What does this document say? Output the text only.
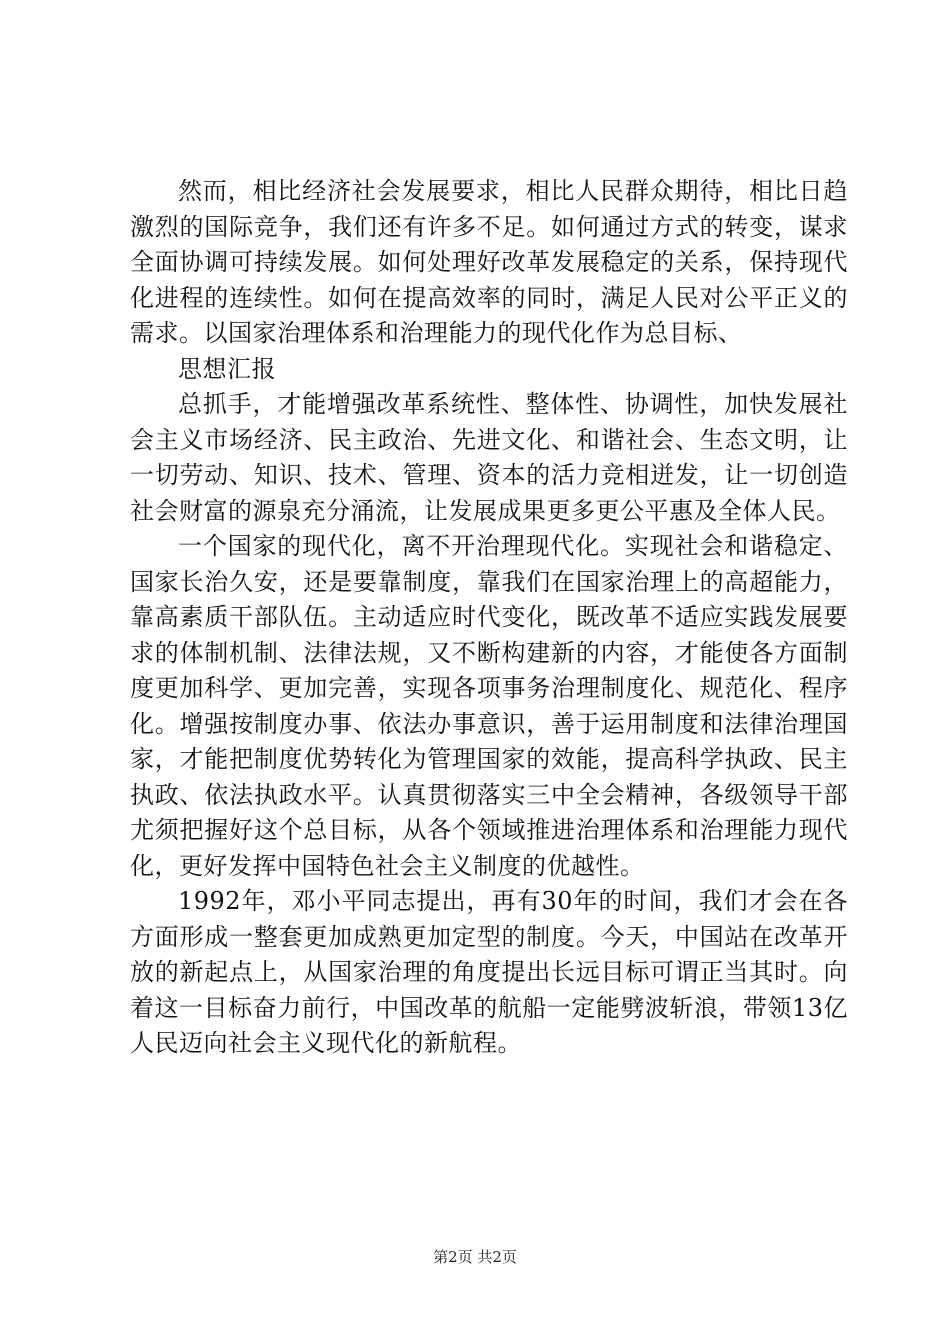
然而，相比经济社会发展要求，相比人民群众期待，相比日趋激烈的国际竞争，我们还有许多不足。如何通过方式的转变，谋求全面协调可持续发展。如何处理好改革发展稳定的关系，保持现代化进程的连续性。如何在提高效率的同时，满足人民对公平正义的需求。以国家治理体系和治理能力的现代化作为总目标、

思想汇报

总抓手，才能增强改革系统性、整体性、协调性，加快发展社会主义市场经济、民主政治、先进文化、和谐社会、生态文明，让一切劳动、知识、技术、管理、资本的活力竞相迸发，让一切创造社会财富的源泉充分涌流，让发展成果更多更公平惠及全体人民。

一个国家的现代化，离不开治理现代化。实现社会和谐稳定、国家长治久安，还是要靠制度，靠我们在国家治理上的高超能力，靠高素质干部队伍。主动适应时代变化，既改革不适应实践发展要求的体制机制、法律法规，又不断构建新的内容，才能使各方面制度更加科学、更加完善，实现各项事务治理制度化、规范化、程序化。增强按制度办事、依法办事意识，善于运用制度和法律治理国家，才能把制度优势转化为管理国家的效能，提高科学执政、民主执政、依法执政水平。认真贯彻落实三中全会精神，各级领导干部尤须把握好这个总目标，从各个领域推进治理体系和治理能力现代化，更好发挥中国特色社会主义制度的优越性。

1992年，邓小平同志提出，再有30年的时间，我们才会在各方面形成一整套更加成熟更加定型的制度。今天，中国站在改革开放的新起点上，从国家治理的角度提出长远目标可谓正当其时。向着这一目标奋力前行，中国改革的航船一定能劈波斩浪，带领13亿人民迈向社会主义现代化的新航程。

第2页 共2页
